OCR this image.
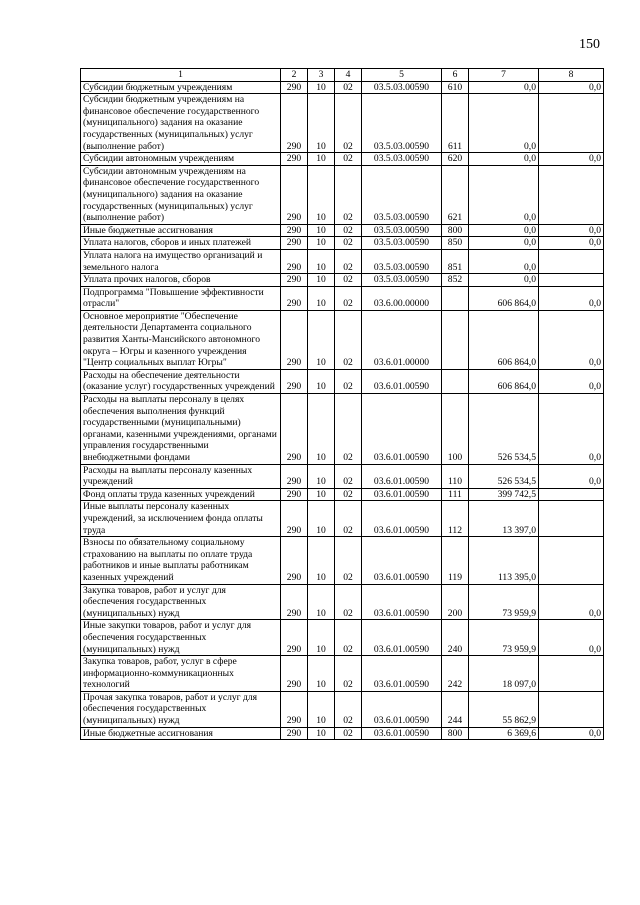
150
1	2	3	4	5	6	7	8
Субсидии бюджетным учреждениям	290	10	02	03.5.03.00590	610	0,0	0,0
Субсидии бюджетным учреждениям на финансовое обеспечение государственного (муниципального) задания на оказание государственных (муниципальных) услуг (выполнение работ)	290	10	02	03.5.03.00590	611	0,0	
Субсидии автономным учреждениям	290	10	02	03.5.03.00590	620	0,0	0,0
Субсидии автономным учреждениям на финансовое обеспечение государственного (муниципального) задания на оказание государственных (муниципальных) услуг (выполнение работ)	290	10	02	03.5.03.00590	621	0,0	
Иные бюджетные ассигнования	290	10	02	03.5.03.00590	800	0,0	0,0
Уплата налогов, сборов и иных платежей	290	10	02	03.5.03.00590	850	0,0	0,0
Уплата налога на имущество организаций и земельного налога	290	10	02	03.5.03.00590	851	0,0	
Уплата прочих налогов, сборов	290	10	02	03.5.03.00590	852	0,0	
Подпрограмма "Повышение эффективности отрасли"	290	10	02	03.6.00.00000		606 864,0	0,0
Основное мероприятие "Обеспечение деятельности Департамента социального развития Ханты-Мансийского автономного округа – Югры и казенного учреждения "Центр социальных выплат Югры"	290	10	02	03.6.01.00000		606 864,0	0,0
Расходы на обеспечение деятельности (оказание услуг) государственных учреждений	290	10	02	03.6.01.00590		606 864,0	0,0
Расходы на выплаты персоналу в целях обеспечения выполнения функций государственными (муниципальными) органами, казенными учреждениями, органами управления государственными внебюджетными фондами	290	10	02	03.6.01.00590	100	526 534,5	0,0
Расходы на выплаты персоналу казенных учреждений	290	10	02	03.6.01.00590	110	526 534,5	0,0
Фонд оплаты труда казенных учреждений	290	10	02	03.6.01.00590	111	399 742,5	
Иные выплаты персоналу казенных учреждений, за исключением фонда оплаты труда	290	10	02	03.6.01.00590	112	13 397,0	
Взносы по обязательному социальному страхованию на выплаты по оплате труда работников и иные выплаты работникам казенных учреждений	290	10	02	03.6.01.00590	119	113 395,0	
Закупка товаров, работ и услуг для обеспечения государственных (муниципальных) нужд	290	10	02	03.6.01.00590	200	73 959,9	0,0
Иные закупки товаров, работ и услуг для обеспечения государственных (муниципальных) нужд	290	10	02	03.6.01.00590	240	73 959,9	0,0
Закупка товаров, работ, услуг в сфере информационно-коммуникационных технологий	290	10	02	03.6.01.00590	242	18 097,0	
Прочая закупка товаров, работ и услуг для обеспечения государственных (муниципальных) нужд	290	10	02	03.6.01.00590	244	55 862,9	
Иные бюджетные ассигнования	290	10	02	03.6.01.00590	800	6 369,6	0,0
